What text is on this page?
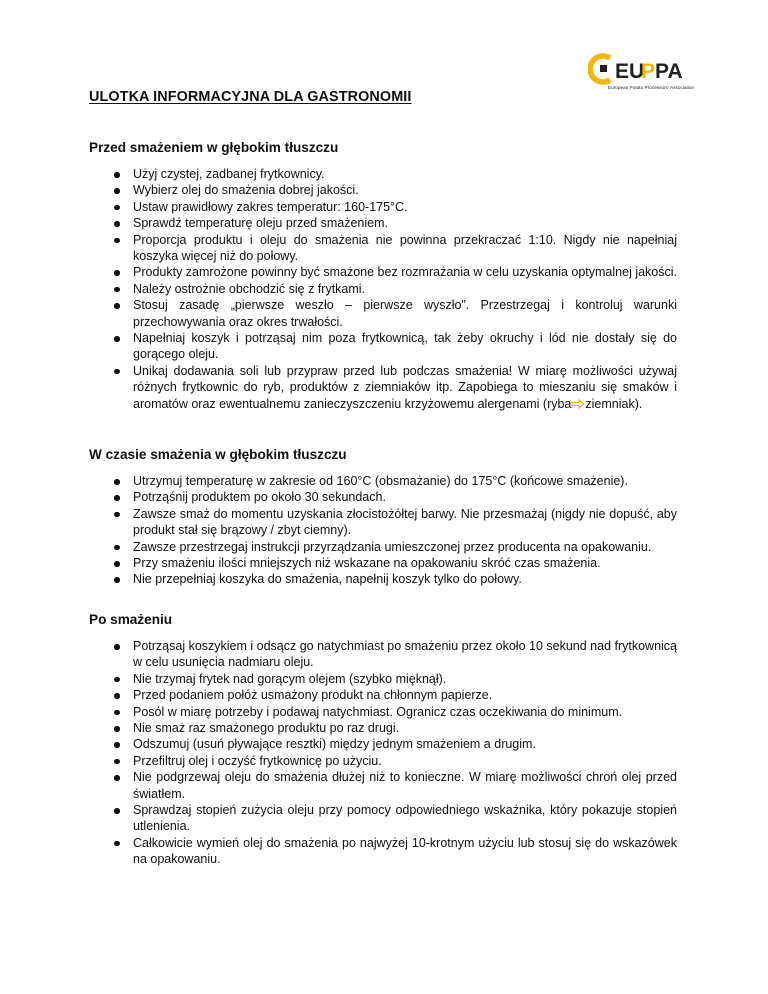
EU
P PA
European Potato Processors' Association
ULOTKA INFORMACYJNA DLA GASTRONOMII
Przed smażeniem w głębokim tłuszczu
Użyj czystej, zadbanej frytkownicy.
Wybierz olej do smażenia dobrej jakości.
Ustaw prawidłowy zakres temperatur: 160-175°C.
Sprawdź temperaturę oleju przed smażeniem.
Proporcja produktu i oleju do smażenia nie powinna przekraczać 1:10. Nigdy nie napełniaj koszyka więcej niż do połowy.
Produkty zamrożone powinny być smażone bez rozmrażania w celu uzyskania optymalnej jakości.
Należy ostrożnie obchodzić się z frytkami.
Stosuj zasadę „pierwsze weszło – pierwsze wyszło”. Przestrzegaj i kontroluj warunki przechowywania oraz okres trwałości.
Napełniaj koszyk i potrząsaj nim poza frytkownicą, tak żeby okruchy i lód nie dostały się do gorącego oleju.
Unikaj dodawania soli lub przypraw przed lub podczas smażenia! W miarę możliwości używaj różnych frytkownic do ryb, produktów z ziemniaków itp. Zapobiega to mieszaniu się smaków i aromatów oraz ewentualnemu zanieczyszczeniu krzyżowemu alergenami (ryba ziemniak).
W czasie smażenia w głębokim tłuszczu
Utrzymuj temperaturę w zakresie od 160°C (obsmażanie) do 175°C (końcowe smażenie).
Potrząśnij produktem po około 30 sekundach.
Zawsze smaż do momentu uzyskania złocistożółtej barwy. Nie przesmażaj (nigdy nie dopuść, aby produkt stał się brązowy / zbyt ciemny).
Zawsze przestrzegaj instrukcji przyrządzania umieszczonej przez producenta na opakowaniu.
Przy smażeniu ilości mniejszych niż wskazane na opakowaniu skróć czas smażenia.
Nie przepełniaj koszyka do smażenia, napełnij koszyk tylko do połowy.
Po smażeniu
Potrząsaj koszykiem i odsącz go natychmiast po smażeniu przez około 10 sekund nad frytkownicą w celu usunięcia nadmiaru oleju.
Nie trzymaj frytek nad gorącym olejem (szybko mięknął).
Przed podaniem połóż usmażony produkt na chłonnym papierze.
Posól w miarę potrzeby i podawaj natychmiast. Ogranicz czas oczekiwania do minimum.
Nie smaż raz smażonego produktu po raz drugi.
Odszumuj (usuń pływające resztki) między jednym smażeniem a drugim.
Przefiltruj olej i oczyść frytkownicę po użyciu.
Nie podgrzewaj oleju do smażenia dłużej niż to konieczne. W miarę możliwości chroń olej przed światłem.
Sprawdzaj stopień zużycia oleju przy pomocy odpowiedniego wskaźnika, który pokazuje stopień utlenienia.
Całkowicie wymień olej do smażenia po najwyżej 10-krotnym użyciu lub stosuj się do wskazówek na opakowaniu.
